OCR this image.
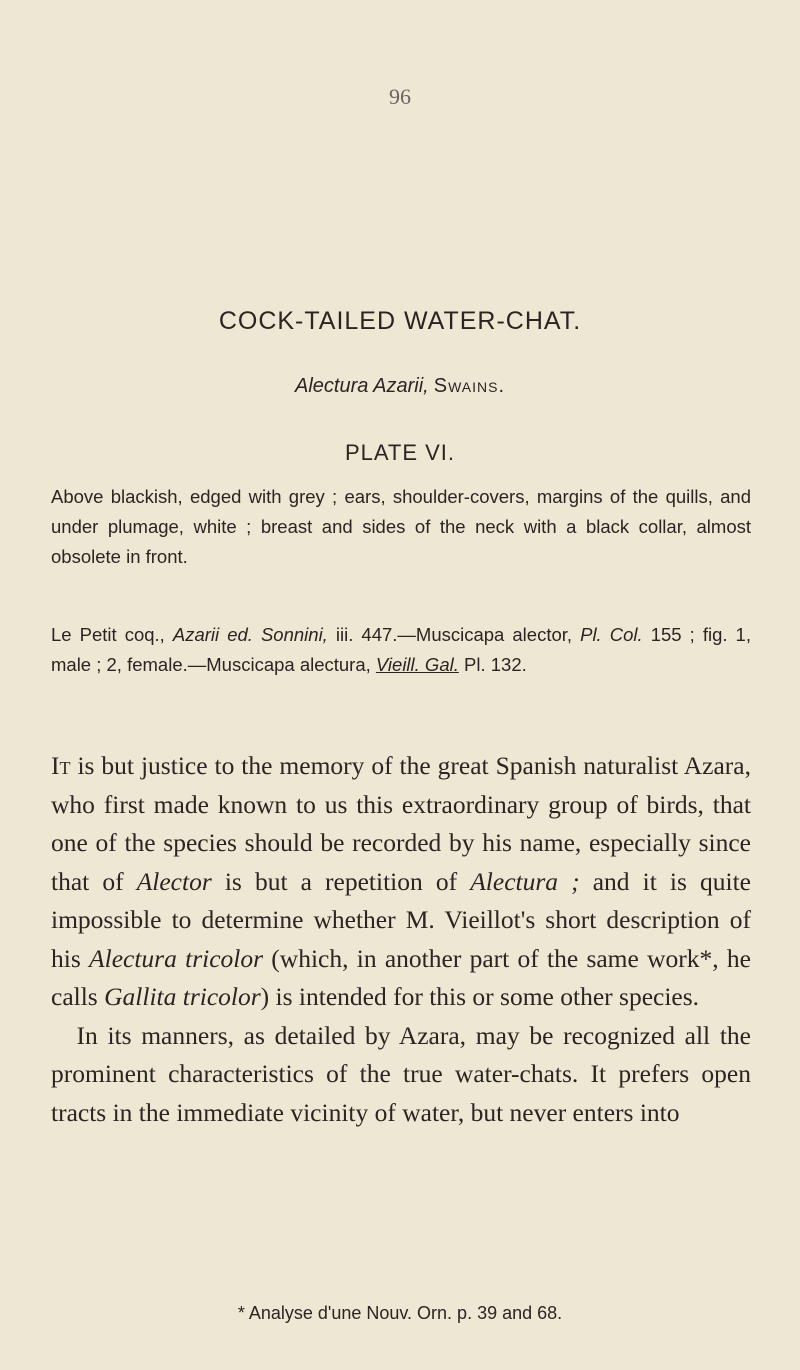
96
COCK-TAILED WATER-CHAT.
Alectura Azarii, Swains.
PLATE VI.
Above blackish, edged with grey ; ears, shoulder-covers, margins of the quills, and under plumage, white ; breast and sides of the neck with a black collar, almost obsolete in front.
Le Petit coq., Azarii ed. Sonnini, iii. 447.—Muscicapa alector, Pl. Col. 155 ; fig. 1, male ; 2, female.—Muscicapa alectura, Vieill. Gal. Pl. 132.

It is but justice to the memory of the great Spanish naturalist Azara, who first made known to us this extraordinary group of birds, that one of the species should be recorded by his name, especially since that of Alector is but a repetition of Alectura ; and it is quite impossible to determine whether M. Vieillot's short description of his Alectura tricolor (which, in another part of the same work*, he calls Gallita tricolor) is intended for this or some other species.

In its manners, as detailed by Azara, may be recognized all the prominent characteristics of the true water-chats. It prefers open tracts in the immediate vicinity of water, but never enters into

* Analyse d'une Nouv. Orn. p. 39 and 68.
